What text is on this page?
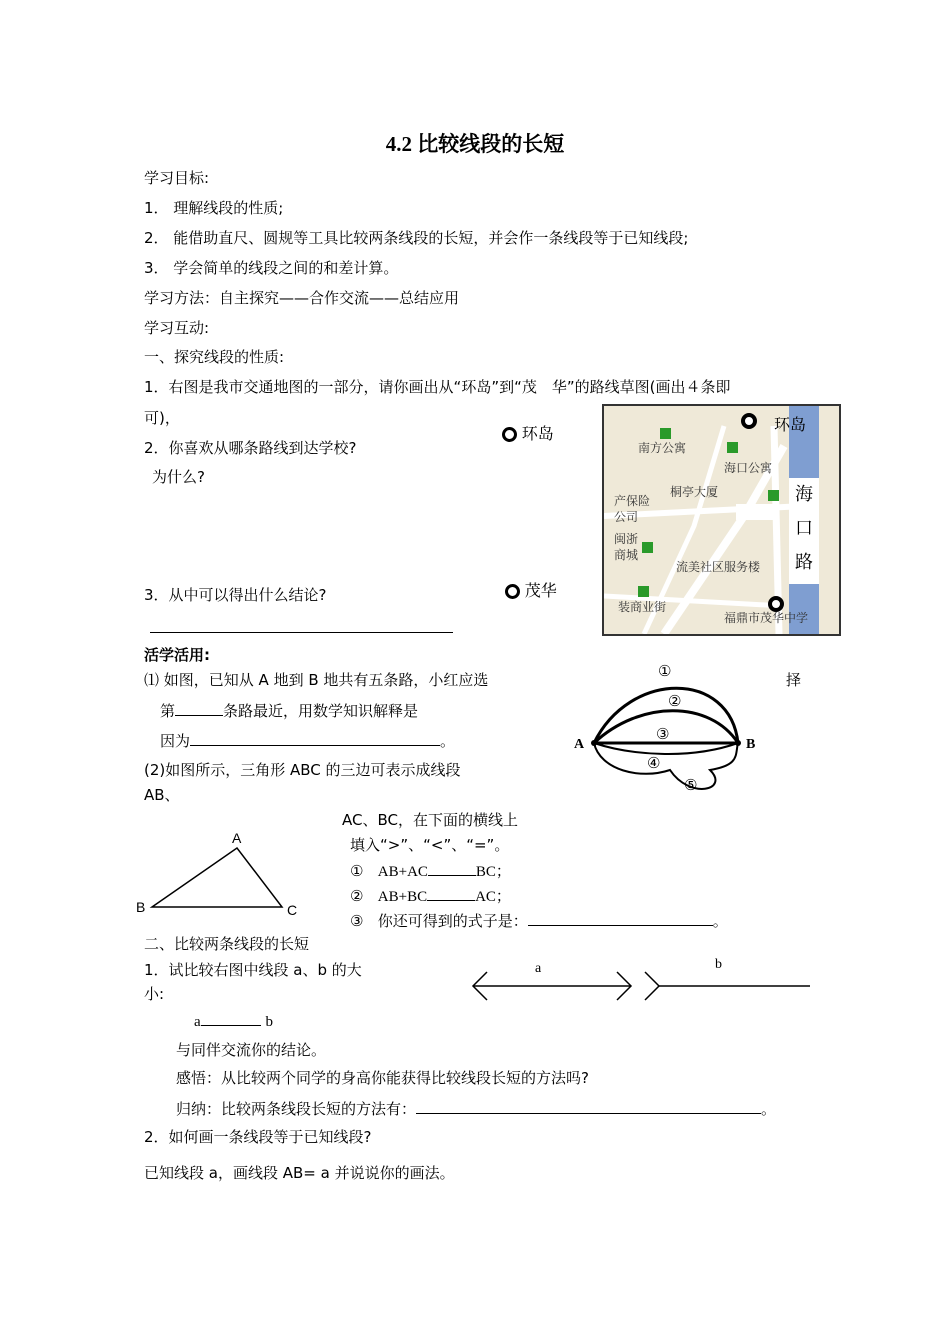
4.2 比较线段的长短
学习目标:
1． 理解线段的性质;
2． 能借助直尺、圆规等工具比较两条线段的长短，并会作一条线段等于已知线段;
3． 学会简单的线段之间的和差计算。
学习方法：自主探究——合作交流——总结应用
学习互动:
一、探究线段的性质:
1．右图是我市交通地图的一部分，请你画出从“环岛”到“茂　华”的路线草图(画出４条即
可)，
2．你喜欢从哪条路线到达学校?
为什么?
3．从中可以得出什么结论?
环岛
茂华
环岛
南方公寓
海口公寓
桐亭大厦
产保险
公司
闽浙
商城
流美社区服务楼
装商业街
福鼎市茂华中学
海
口
路
活学活用:
⑴ 如图，已知从 A 地到 B 地共有五条路，小红应选	择
第	条路最近，用数学知识解释是
因为	。
(2)如图所示，三角形 ABC 的三边可表示成线段
AB、
AC、BC，在下面的横线上
填入“>”、“<”、“=”。
① AB+AC	BC；
② AB+BC	AC；
③ 你还可得到的式子是：	。
A	B
①
②
③
④
⑤
A
B	C
二、比较两条线段的长短
1．试比较右图中线段 a、b 的大
小:
a	b
a	b
与同伴交流你的结论。
感悟：从比较两个同学的身高你能获得比较线段长短的方法吗?
归纳：比较两条线段长短的方法有：	。
2．如何画一条线段等于已知线段?
已知线段 a，画线段 AB= a 并说说你的画法。
